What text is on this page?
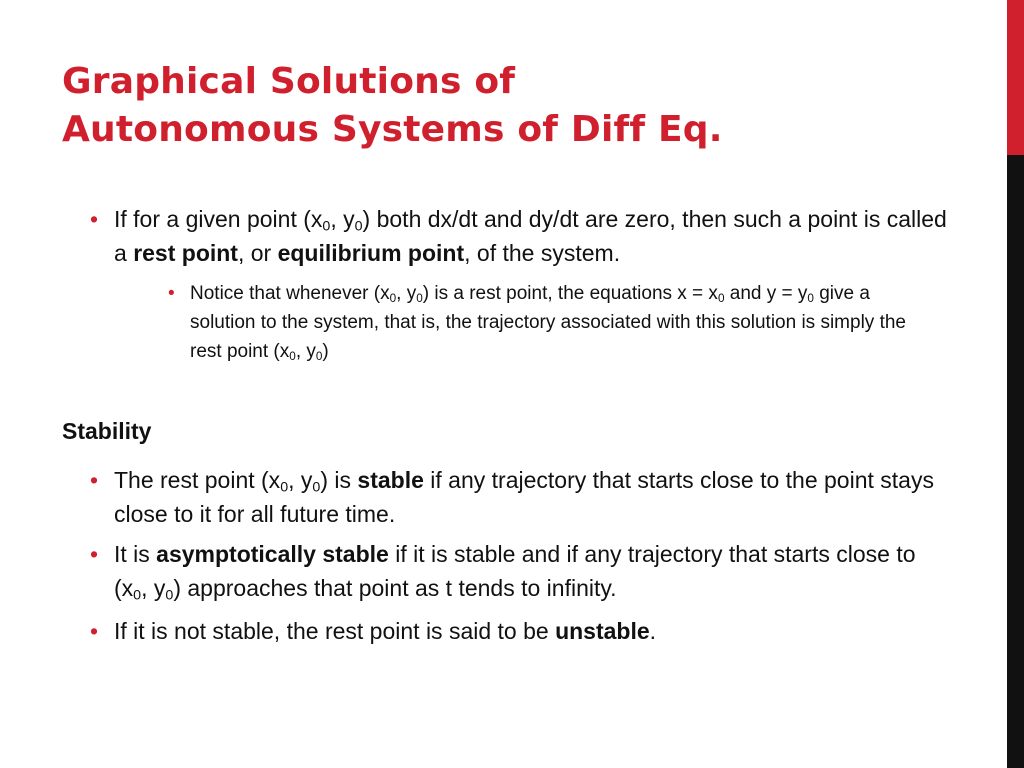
Graphical Solutions of
Autonomous Systems of Diff Eq.
• If for a given point ($x_0$, $y_0$) both dx/dt and dy/dt are zero, then such a point is called a rest point, or equilibrium point, of the system.
• Notice that whenever ($x_0$, $y_0$) is a rest point, the equations $x = x_0$ and $y = y_0$ give a solution to the system, that is, the trajectory associated with this solution is simply the rest point ($x_0$, $y_0$)
Stability
• The rest point ($x_0$, $y_0$) is stable if any trajectory that starts close to the point stays close to it for all future time.
• It is asymptotically stable if it is stable and if any trajectory that starts close to ($x_0$, $y_0$) approaches that point as t tends to infinity.
• If it is not stable, the rest point is said to be unstable.
